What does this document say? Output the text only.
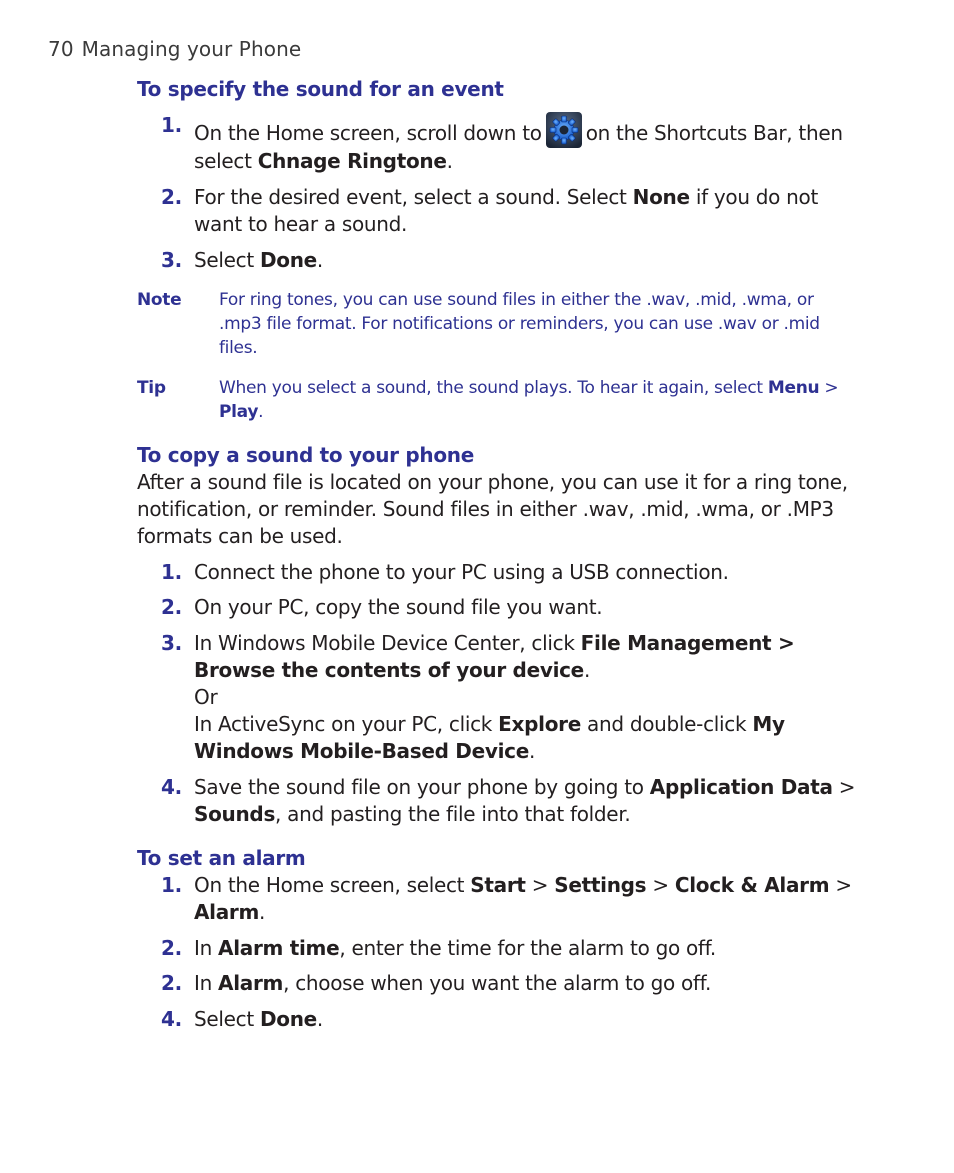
70 Managing your Phone
To specify the sound for an event
1. On the Home screen, scroll down to on the Shortcuts Bar, then select Chnage Ringtone.
2. For the desired event, select a sound. Select None if you do not want to hear a sound.
3. Select Done.
Note For ring tones, you can use sound files in either the .wav, .mid, .wma, or .mp3 file format. For notifications or reminders, you can use .wav or .mid files.
Tip	When you select a sound, the sound plays. To hear it again, select Menu > Play.
To copy a sound to your phone

After a sound file is located on your phone, you can use it for a ring tone, notification, or reminder. Sound files in either .wav, .mid, .wma, or .MP3 formats can be used.

1. Connect the phone to your PC using a USB connection.
2. On your PC, copy the sound file you want.
3. In Windows Mobile Device Center, click File Management > Browse the contents of your device.
Or
In ActiveSync on your PC, click Explore and double-click My Windows Mobile-Based Device.
4. Save the sound file on your phone by going to Application Data > Sounds, and pasting the file into that folder.
To set an alarm
1. On the Home screen, select Start > Settings > Clock & Alarm > Alarm.
2. In Alarm time, enter the time for the alarm to go off.
2. In Alarm, choose when you want the alarm to go off.
4. Select Done.
